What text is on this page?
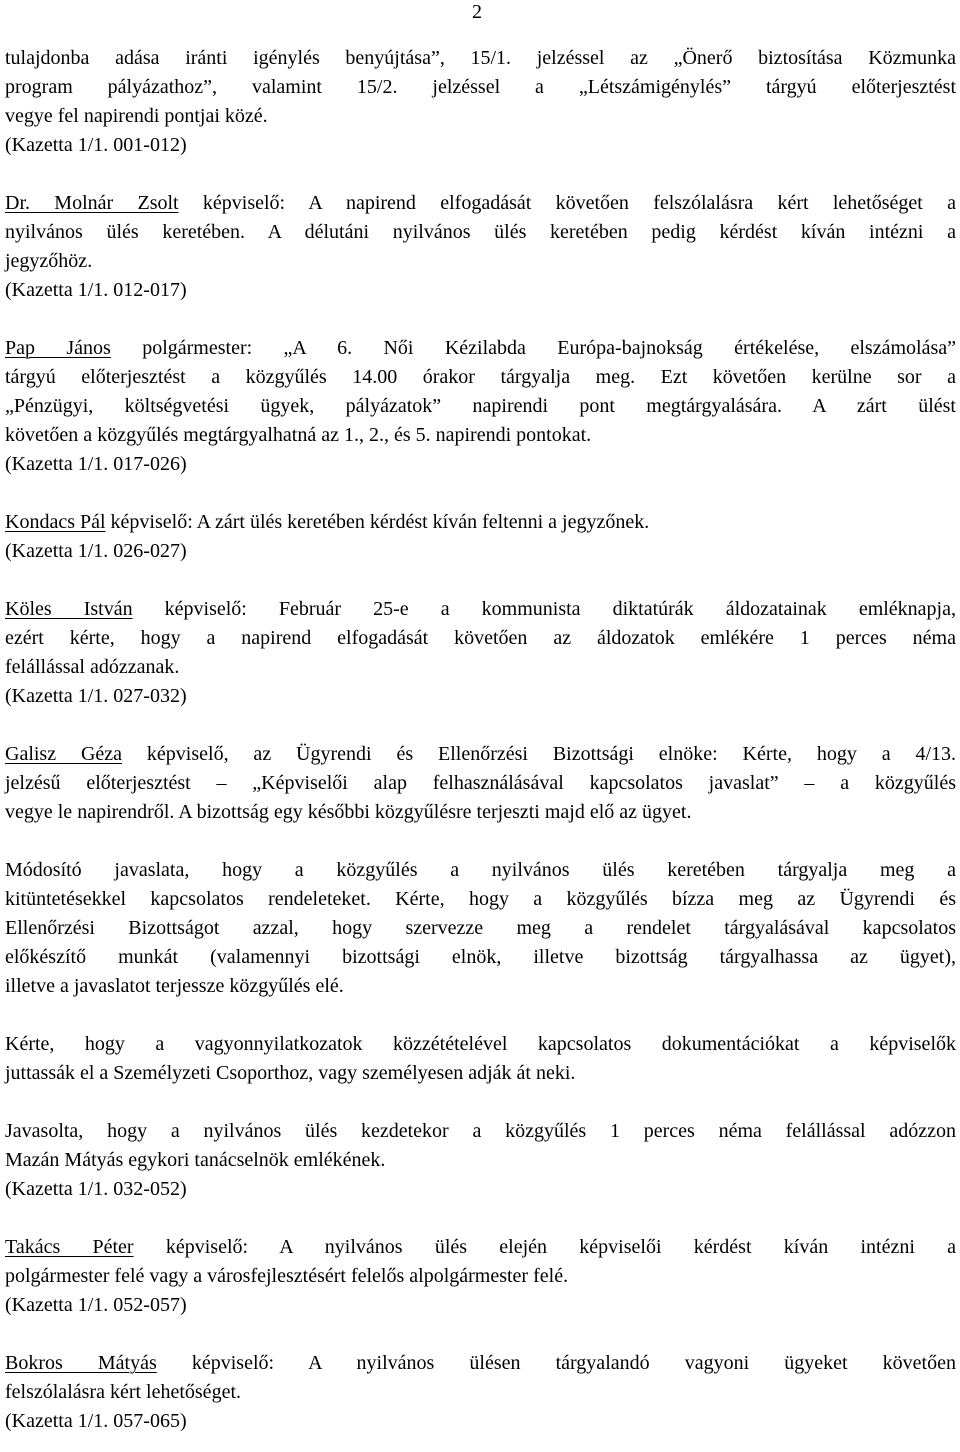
2
tulajdonba adása iránti igénylés benyújtása”, 15/1. jelzéssel az „Önerő biztosítása Közmunka
program pályázathoz”, valamint 15/2. jelzéssel a „Létszámigénylés” tárgyú előterjesztést
vegye fel napirendi pontjai közé.
(Kazetta 1/1. 001-012)
Dr. Molnár Zsolt képviselő: A napirend elfogadását követően felszólalásra kért lehetőséget a
nyilvános ülés keretében. A délutáni nyilvános ülés keretében pedig kérdést kíván intézni a
jegyzőhöz.
(Kazetta 1/1. 012-017)
Pap János polgármester: „A 6. Női Kézilabda Európa-bajnokság értékelése, elszámolása”
tárgyú előterjesztést a közgyűlés 14.00 órakor tárgyalja meg. Ezt követően kerülne sor a
„Pénzügyi, költségvetési ügyek, pályázatok” napirendi pont megtárgyalására. A zárt ülést
követően a közgyűlés megtárgyalhatná az 1., 2., és 5. napirendi pontokat.
(Kazetta 1/1. 017-026)
Kondacs Pál képviselő: A zárt ülés keretében kérdést kíván feltenni a jegyzőnek.
(Kazetta 1/1. 026-027)
Köles István képviselő: Február 25-e a kommunista diktatúrák áldozatainak emléknapja,
ezért kérte, hogy a napirend elfogadását követően az áldozatok emlékére 1 perces néma
felállással adózzanak.
(Kazetta 1/1. 027-032)
Galisz Géza képviselő, az Ügyrendi és Ellenőrzési Bizottsági elnöke: Kérte, hogy a 4/13.
jelzésű előterjesztést – „Képviselői alap felhasználásával kapcsolatos javaslat” – a közgyűlés
vegye le napirendről. A bizottság egy későbbi közgyűlésre terjeszti majd elő az ügyet.
Módosító javaslata, hogy a közgyűlés a nyilvános ülés keretében tárgyalja meg a
kitüntetésekkel kapcsolatos rendeleteket. Kérte, hogy a közgyűlés bízza meg az Ügyrendi és
Ellenőrzési Bizottságot azzal, hogy szervezze meg a rendelet tárgyalásával kapcsolatos
előkészítő munkát (valamennyi bizottsági elnök, illetve bizottság tárgyalhassa az ügyet),
illetve a javaslatot terjessze közgyűlés elé.
Kérte, hogy a vagyonnyilatkozatok közzétételével kapcsolatos dokumentációkat a képviselők
juttassák el a Személyzeti Csoporthoz, vagy személyesen adják át neki.
Javasolta, hogy a nyilvános ülés kezdetekor a közgyűlés 1 perces néma felállással adózzon
Mazán Mátyás egykori tanácselnök emlékének.
(Kazetta 1/1. 032-052)
Takács Péter képviselő: A nyilvános ülés elején képviselői kérdést kíván intézni a
polgármester felé vagy a városfejlesztésért felelős alpolgármester felé.
(Kazetta 1/1. 052-057)
Bokros Mátyás képviselő: A nyilvános ülésen tárgyalandó vagyoni ügyeket követően
felszólalásra kért lehetőséget.
(Kazetta 1/1. 057-065)
